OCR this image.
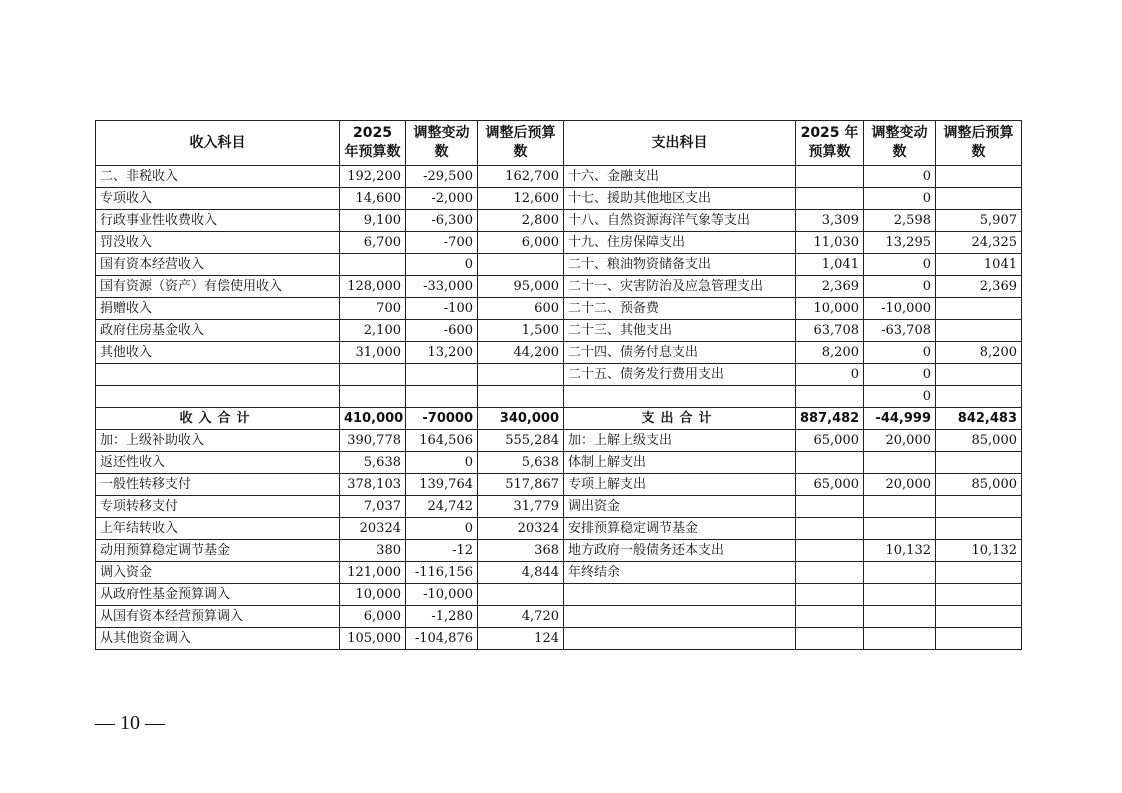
收入科目	2025 年预算数	调整变动数	调整后预算数	支出科目	2025 年预算数	调整变动数	调整后预算数
二、非税收入	192,200	-29,500	162,700	十六、金融支出		0	
专项收入	14,600	-2,000	12,600	十七、援助其他地区支出		0	
行政事业性收费收入	9,100	-6,300	2,800	十八、自然资源海洋气象等支出	3,309	2,598	5,907
罚没收入	6,700	-700	6,000	十九、住房保障支出	11,030	13,295	24,325
国有资本经营收入		0		二十、粮油物资储备支出	1,041	0	1041
国有资源（资产）有偿使用收入	128,000	-33,000	95,000	二十一、灾害防治及应急管理支出	2,369	0	2,369
捐赠收入	700	-100	600	二十二、预备费	10,000	-10,000	
政府住房基金收入	2,100	-600	1,500	二十三、其他支出	63,708	-63,708	
其他收入	31,000	13,200	44,200	二十四、债务付息支出	8,200	0	8,200
				二十五、债务发行费用支出	0	0	
						0	
收入合计	410,000	-70000	340,000	支出合计	887,482	-44,999	842,483
加：上级补助收入	390,778	164,506	555,284	加：上解上级支出	65,000	20,000	85,000
返还性收入	5,638	0	5,638	体制上解支出			
一般性转移支付	378,103	139,764	517,867	专项上解支出	65,000	20,000	85,000
专项转移支付	7,037	24,742	31,779	调出资金			
上年结转收入	20324	0	20324	安排预算稳定调节基金			
动用预算稳定调节基金	380	-12	368	地方政府一般债务还本支出		10,132	10,132
调入资金	121,000	-116,156	4,844	年终结余			
从政府性基金预算调入	10,000	-10,000					
从国有资本经营预算调入	6,000	-1,280	4,720				
从其他资金调入	105,000	-104,876	124				
— 10 —
